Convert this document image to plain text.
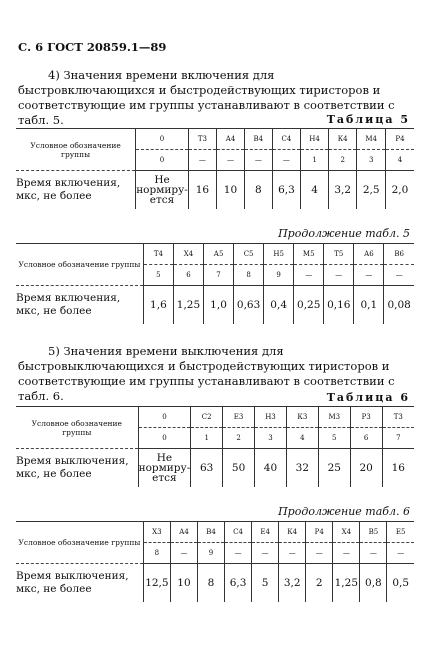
С. 6 ГОСТ 20859.1—89

4) Значения времени включения для быстровключающихся и быстродействующих тиристоров и соответствующие им группы устанавливают в соответствии с табл. 5.	Таблица 5
Условное обозначение группы	0	Т3	А4	В4	С4	Н4	К4	М4	Р4
	0	—	—	—	—	1	2	3	4
Время включения, мкс, не более	Не нормиру-ется	16	10	8	6,3	4	3,2	2,5	2,0
Продолжение табл. 5
Условное обозначение группы	Т4	Х4	А5	С5	Н5	М5	Т5	А6	В6
	5	6	7	8	9	—	—	—	—
Время включения, мкс, не более	1,6	1,25	1,0	0,63	0,4	0,25	0,16	0,1	0,08

5) Значения времени выключения для быстровыключающихся и быстродействующих тиристоров и соответствующие им группы устанавливают в соответствии с табл. 6.	Таблица 6
Условное обозначение группы	0	С2	Е3	Н3	К3	М3	Р3	Т3
	0	1	2	3	4	5	6	7
Время выключения, мкс, не более	Не нормиру-ется	63	50	40	32	25	20	16
Продолжение табл. 6
Условное обозначение группы	Х3	А4	В4	С4	Е4	К4	Р4	Х4	В5	Е5
	8	—	9	—	—	—	—	—	—	—
Время выключения, мкс, не более	12,5	10	8	6,3	5	3,2	2	1,25	0,8	0,5
